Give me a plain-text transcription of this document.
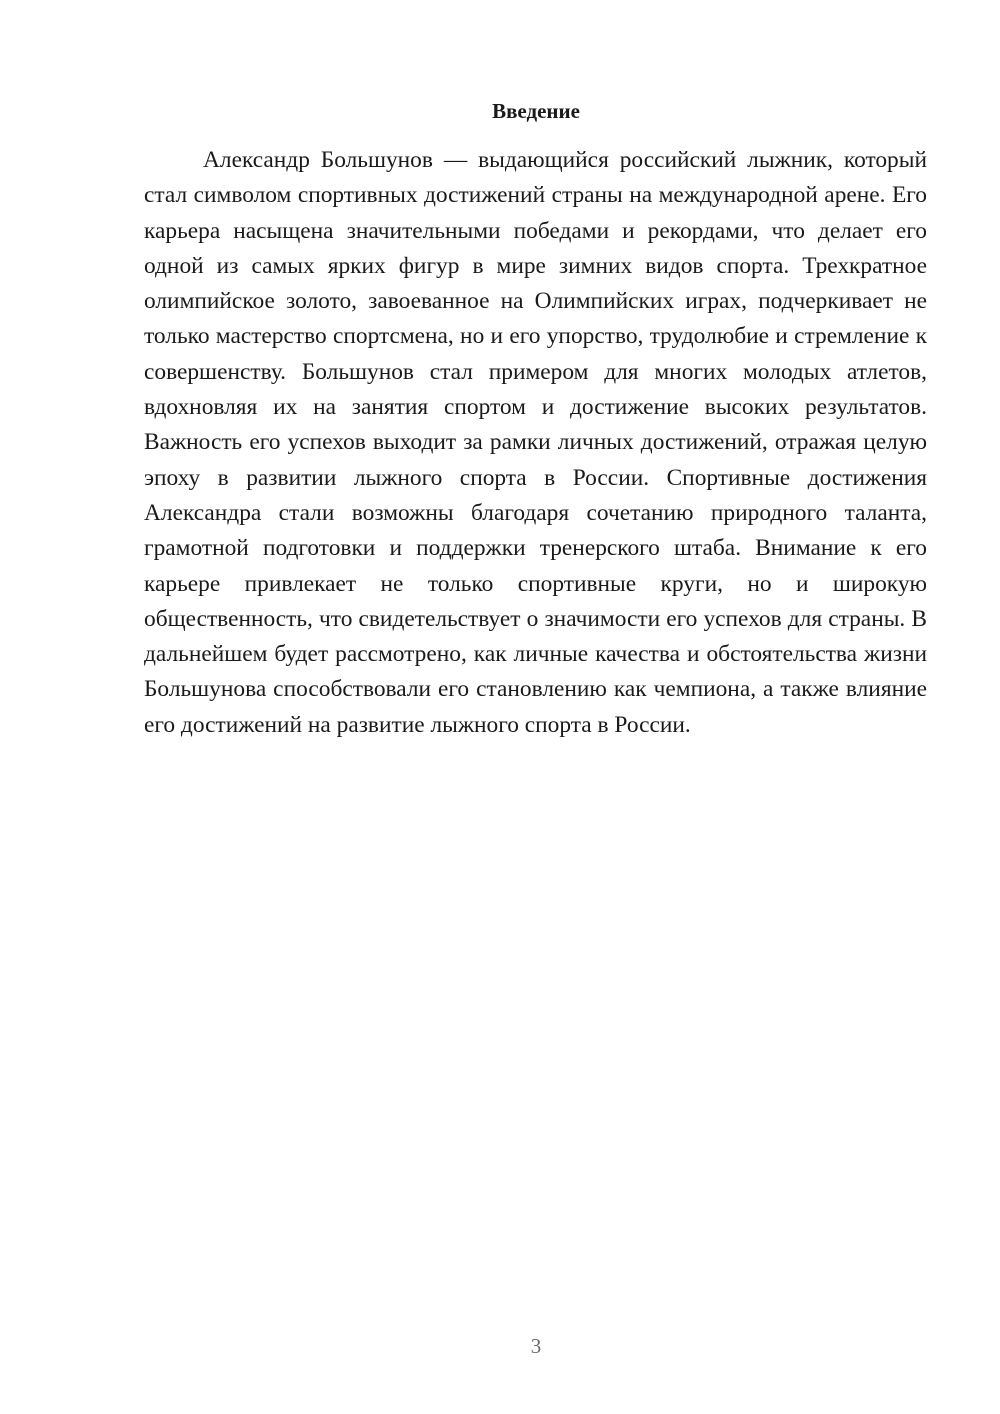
Введение

Александр Большунов — выдающийся российский лыжник, который стал символом спортивных достижений страны на международной арене. Его карьера насыщена значительными победами и рекордами, что делает его одной из самых ярких фигур в мире зимних видов спорта. Трехкратное олимпийское золото, завоеванное на Олимпийских играх, подчеркивает не только мастерство спортсмена, но и его упорство, трудолюбие и стремление к совершенству. Большунов стал примером для многих молодых атлетов, вдохновляя их на занятия спортом и достижение высоких результатов. Важность его успехов выходит за рамки личных достижений, отражая целую эпоху в развитии лыжного спорта в России. Спортивные достижения Александра стали возможны благодаря сочетанию природного таланта, грамотной подготовки и поддержки тренерского штаба. Внимание к его карьере привлекает не только спортивные круги, но и широкую общественность, что свидетельствует о значимости его успехов для страны. В дальнейшем будет рассмотрено, как личные качества и обстоятельства жизни Большунова способствовали его становлению как чемпиона, а также влияние его достижений на развитие лыжного спорта в России.

3
